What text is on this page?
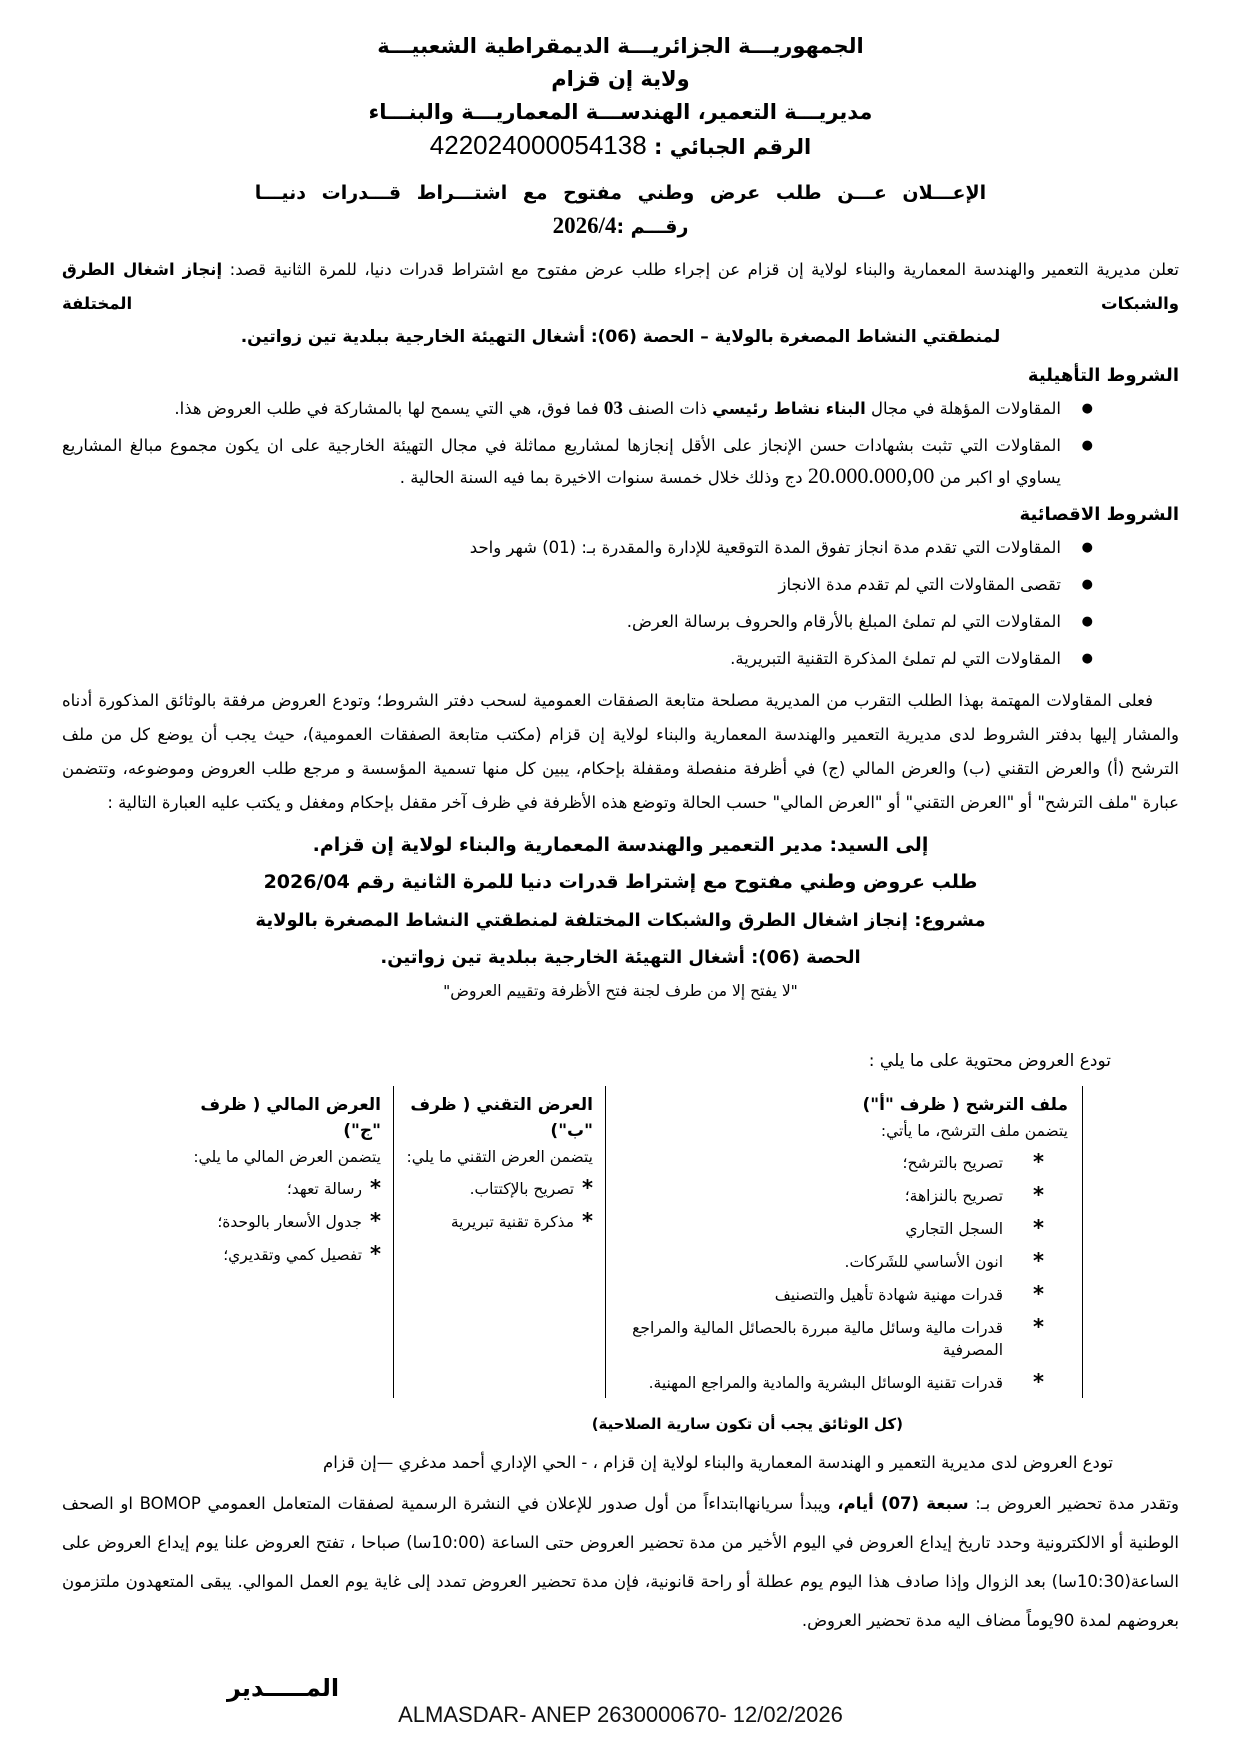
الجمهوريـــة الجزائريـــة الديمقراطية الشعبيـــة
ولاية إن قزام
مديريـــة التعمير، الهندســـة المعماريـــة والبنـــاء
الرقم الجبائي : 422024000054138
الإعـــلان عـــن طلب عرض وطني مفتوح مع اشتـــراط قـــدرات دنيـــا
رقـــم :2026/4

تعلن مديرية التعمير والهندسة المعمارية والبناء لولاية إن قزام عن إجراء طلب عرض مفتوح مع اشتراط قدرات دنيا، للمرة الثانية قصد: إنجاز اشغال الطرق والشبكات المختلفة

لمنطقتي النشاط المصغرة بالولاية – الحصة (06): أشغال التهيئة الخارجية ببلدية تين زواتين.
الشروط التأهيلية
●
المقاولات المؤهلة في مجال البناء نشاط رئيسي ذات الصنف 03 فما فوق، هي التي يسمح لها بالمشاركة في طلب العروض هذا.
●
المقاولات التي تثبت بشهادات حسن الإنجاز على الأقل إنجازها لمشاريع مماثلة في مجال التهيئة الخارجية على ان يكون مجموع مبالغ المشاريع يساوي او اكبر من 20.000.000,00 دج وذلك خلال خمسة سنوات الاخيرة بما فيه السنة الحالية .
الشروط الاقصائية
●
المقاولات التي تقدم مدة انجاز تفوق المدة التوقعية للإدارة والمقدرة بـ: (01) شهر واحد
●
تقصى المقاولات التي لم تقدم مدة الانجاز
●
المقاولات التي لم تملئ المبلغ بالأرقام والحروف برسالة العرض.
●
المقاولات التي لم تملئ المذكرة التقنية التبريرية.

فعلى المقاولات المهتمة بهذا الطلب التقرب من المديرية مصلحة متابعة الصفقات العمومية لسحب دفتر الشروط؛ وتودع العروض مرفقة بالوثائق المذكورة أدناه والمشار إليها بدفتر الشروط لدى مديرية التعمير والهندسة المعمارية والبناء لولاية إن قزام (مكتب متابعة الصفقات العمومية)، حيث يجب أن يوضع كل من ملف الترشح (أ) والعرض التقني (ب) والعرض المالي (ج) في أظرفة منفصلة ومقفلة بإحكام، يبين كل منها تسمية المؤسسة و مرجع طلب العروض وموضوعه، وتتضمن عبارة "ملف الترشح" أو "العرض التقني" أو "العرض المالي" حسب الحالة وتوضع هذه الأظرفة في ظرف آخر مقفل بإحكام ومغفل و يكتب عليه العبارة التالية :

إلى السيد: مدير التعمير والهندسة المعمارية والبناء لولاية إن قزام.
طلب عروض وطني مفتوح مع إشتراط قدرات دنيا للمرة الثانية رقم 2026/04
مشروع: إنجاز اشغال الطرق والشبكات المختلفة لمنطقتي النشاط المصغرة بالولاية
الحصة (06): أشغال التهيئة الخارجية ببلدية تين زواتين.
"لا يفتح إلا من طرف لجنة فتح الأظرفة وتقييم العروض"
تودع العروض محتوية على ما يلي :
ملف الترشح ( ظرف "أ")
يتضمن ملف الترشح، ما يأتي:
*
تصريح بالترشح؛
*
تصريح بالنزاهة؛
*
السجل التجاري
*
انون الأساسي للشَركات.
*
قدرات مهنية شهادة تأهيل والتصنيف
*
قدرات مالية وسائل مالية مبررة بالحصائل المالية والمراجع المصرفية
*
قدرات تقنية الوسائل البشرية والمادية والمراجع المهنية.
العرض التقني ( ظرف "ب")
يتضمن العرض التقني ما يلي:
*
تصريح بالإكتتاب.
*
مذكرة تقنية تبريرية
العرض المالي ( ظرف "ج")
يتضمن العرض المالي ما يلي:
*
رسالة تعهد؛
*
جدول الأسعار بالوحدة؛
*
تفصيل كمي وتقديري؛
(كل الوثائق يجب أن تكون سارية الصلاحية)

تودع العروض لدى مديرية التعمير و الهندسة المعمارية والبناء لولاية إن قزام ، - الحي الإداري أحمد مدغري —إن قزام

وتقدر مدة تحضير العروض بـ: سبعة (07) أيام، ويبدأ سريانهاابتداءاً من أول صدور للإعلان في النشرة الرسمية لصفقات المتعامل العمومي BOMOP او الصحف الوطنية أو الالكترونية وحدد تاريخ إيداع العروض في اليوم الأخير من مدة تحضير العروض حتى الساعة (10:00سا) صباحا ، تفتح العروض علنا يوم إيداع العروض على الساعة(10:30سا) بعد الزوال وإذا صادف هذا اليوم يوم عطلة أو راحة قانونية، فإن مدة تحضير العروض تمدد إلى غاية يوم العمل الموالي. يبقى المتعهدون ملتزمون بعروضهم لمدة 90يوماً مضاف اليه مدة تحضير العروض.

المـــــدير
ALMASDAR- ANEP 2630000670- 12/02/2026
